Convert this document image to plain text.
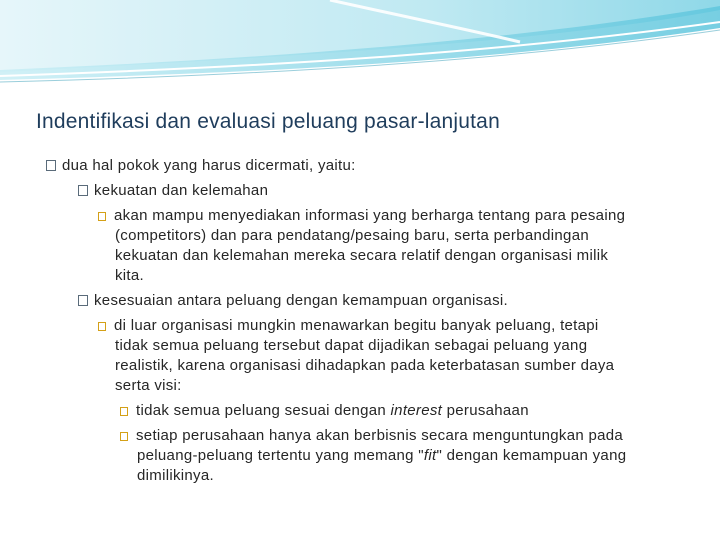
Indentifikasi dan evaluasi peluang pasar-lanjutan
dua hal pokok yang harus dicermati, yaitu:
kekuatan dan kelemahan
akan mampu menyediakan informasi yang berharga tentang para pesaing
(competitors) dan para pendatang/pesaing baru, serta perbandingan
kekuatan dan kelemahan mereka secara relatif dengan organisasi milik
kita.
kesesuaian antara peluang dengan kemampuan organisasi.
di luar organisasi mungkin menawarkan begitu banyak peluang, tetapi
tidak semua peluang tersebut dapat dijadikan sebagai peluang yang
realistik, karena organisasi dihadapkan pada keterbatasan sumber daya
serta visi:
tidak semua peluang sesuai dengan interest perusahaan
setiap perusahaan hanya akan berbisnis secara menguntungkan pada
peluang-peluang tertentu yang memang "fit" dengan kemampuan yang
dimilikinya.
